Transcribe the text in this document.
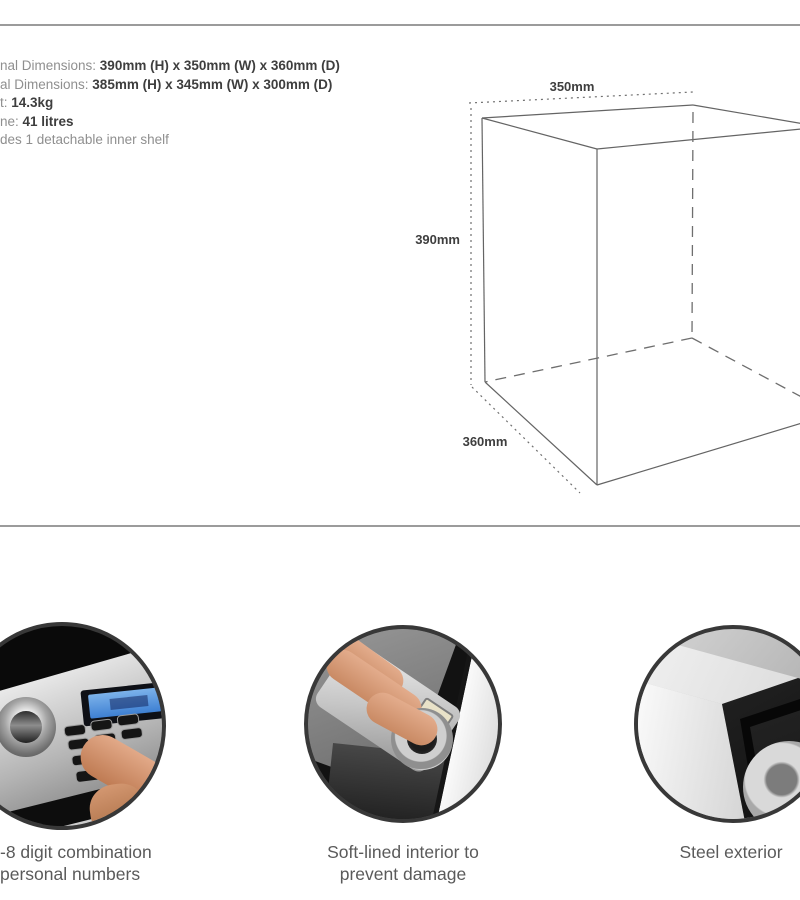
nal Dimensions: 390mm (H) x 350mm (W) x 360mm (D)
al Dimensions: 385mm (H) x 345mm (W) x 300mm (D)
t: 14.3kg
ne: 41 litres
des 1 detachable inner shelf
350mm
390mm
360mm
-8 digit combination
personal numbers
Soft-lined interior to
prevent damage
Steel exterior
